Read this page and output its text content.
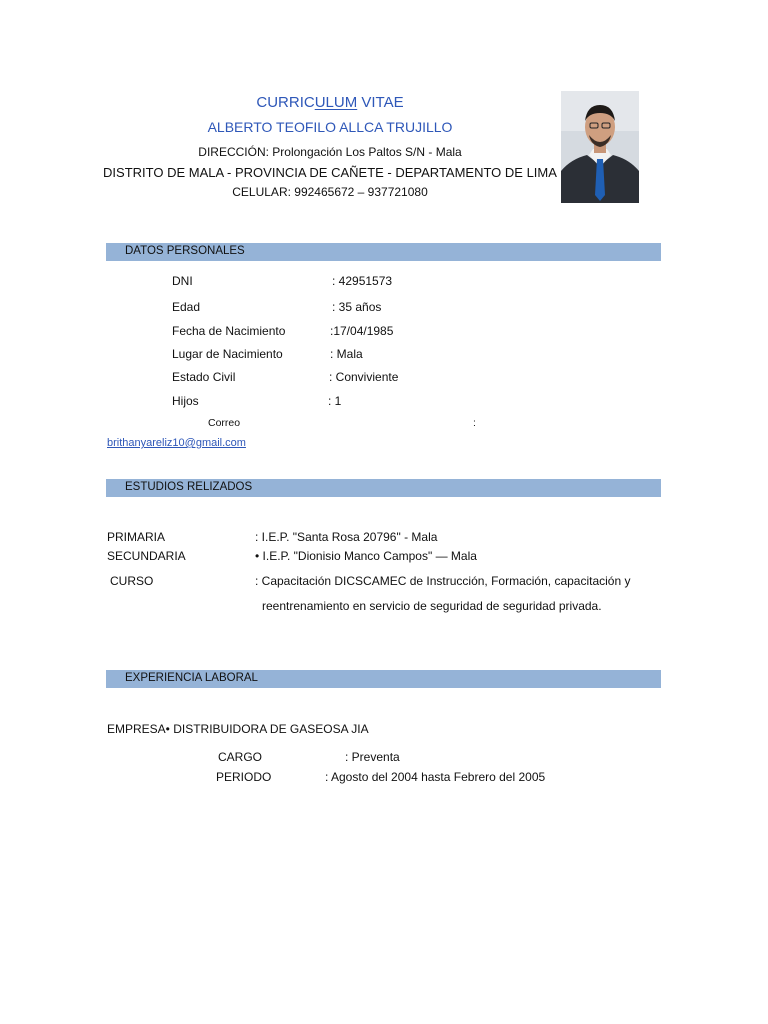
CURRICULUM VITAE
ALBERTO TEOFILO ALLCA TRUJILLO
DIRECCIÓN: Prolongación Los Paltos S/N - Mala
DISTRITO DE MALA - PROVINCIA DE CAÑETE - DEPARTAMENTO DE LIMA
CELULAR: 992465672 – 937721080
DATOS PERSONALES
DNI	: 42951573
Edad	: 35 años
Fecha de Nacimiento	:17/04/1985
Lugar de Nacimiento	: Mala
Estado Civil	: Conviviente
Hijos	: 1
Correo	:
brithanyareliz10@gmail.com
ESTUDIOS RELIZADOS
PRIMARIA	: I.E.P. "Santa Rosa 20796" - Mala
SECUNDARIA	• I.E.P. "Dionisio Manco Campos" — Mala
CURSO	: Capacitación DICSCAMEC de Instrucción, Formación, capacitación y
reentrenamiento en servicio de seguridad de seguridad privada.
EXPERIENCIA LABORAL
EMPRESA• DISTRIBUIDORA DE GASEOSA JIA
CARGO	: Preventa
PERIODO	: Agosto del 2004 hasta Febrero del 2005
